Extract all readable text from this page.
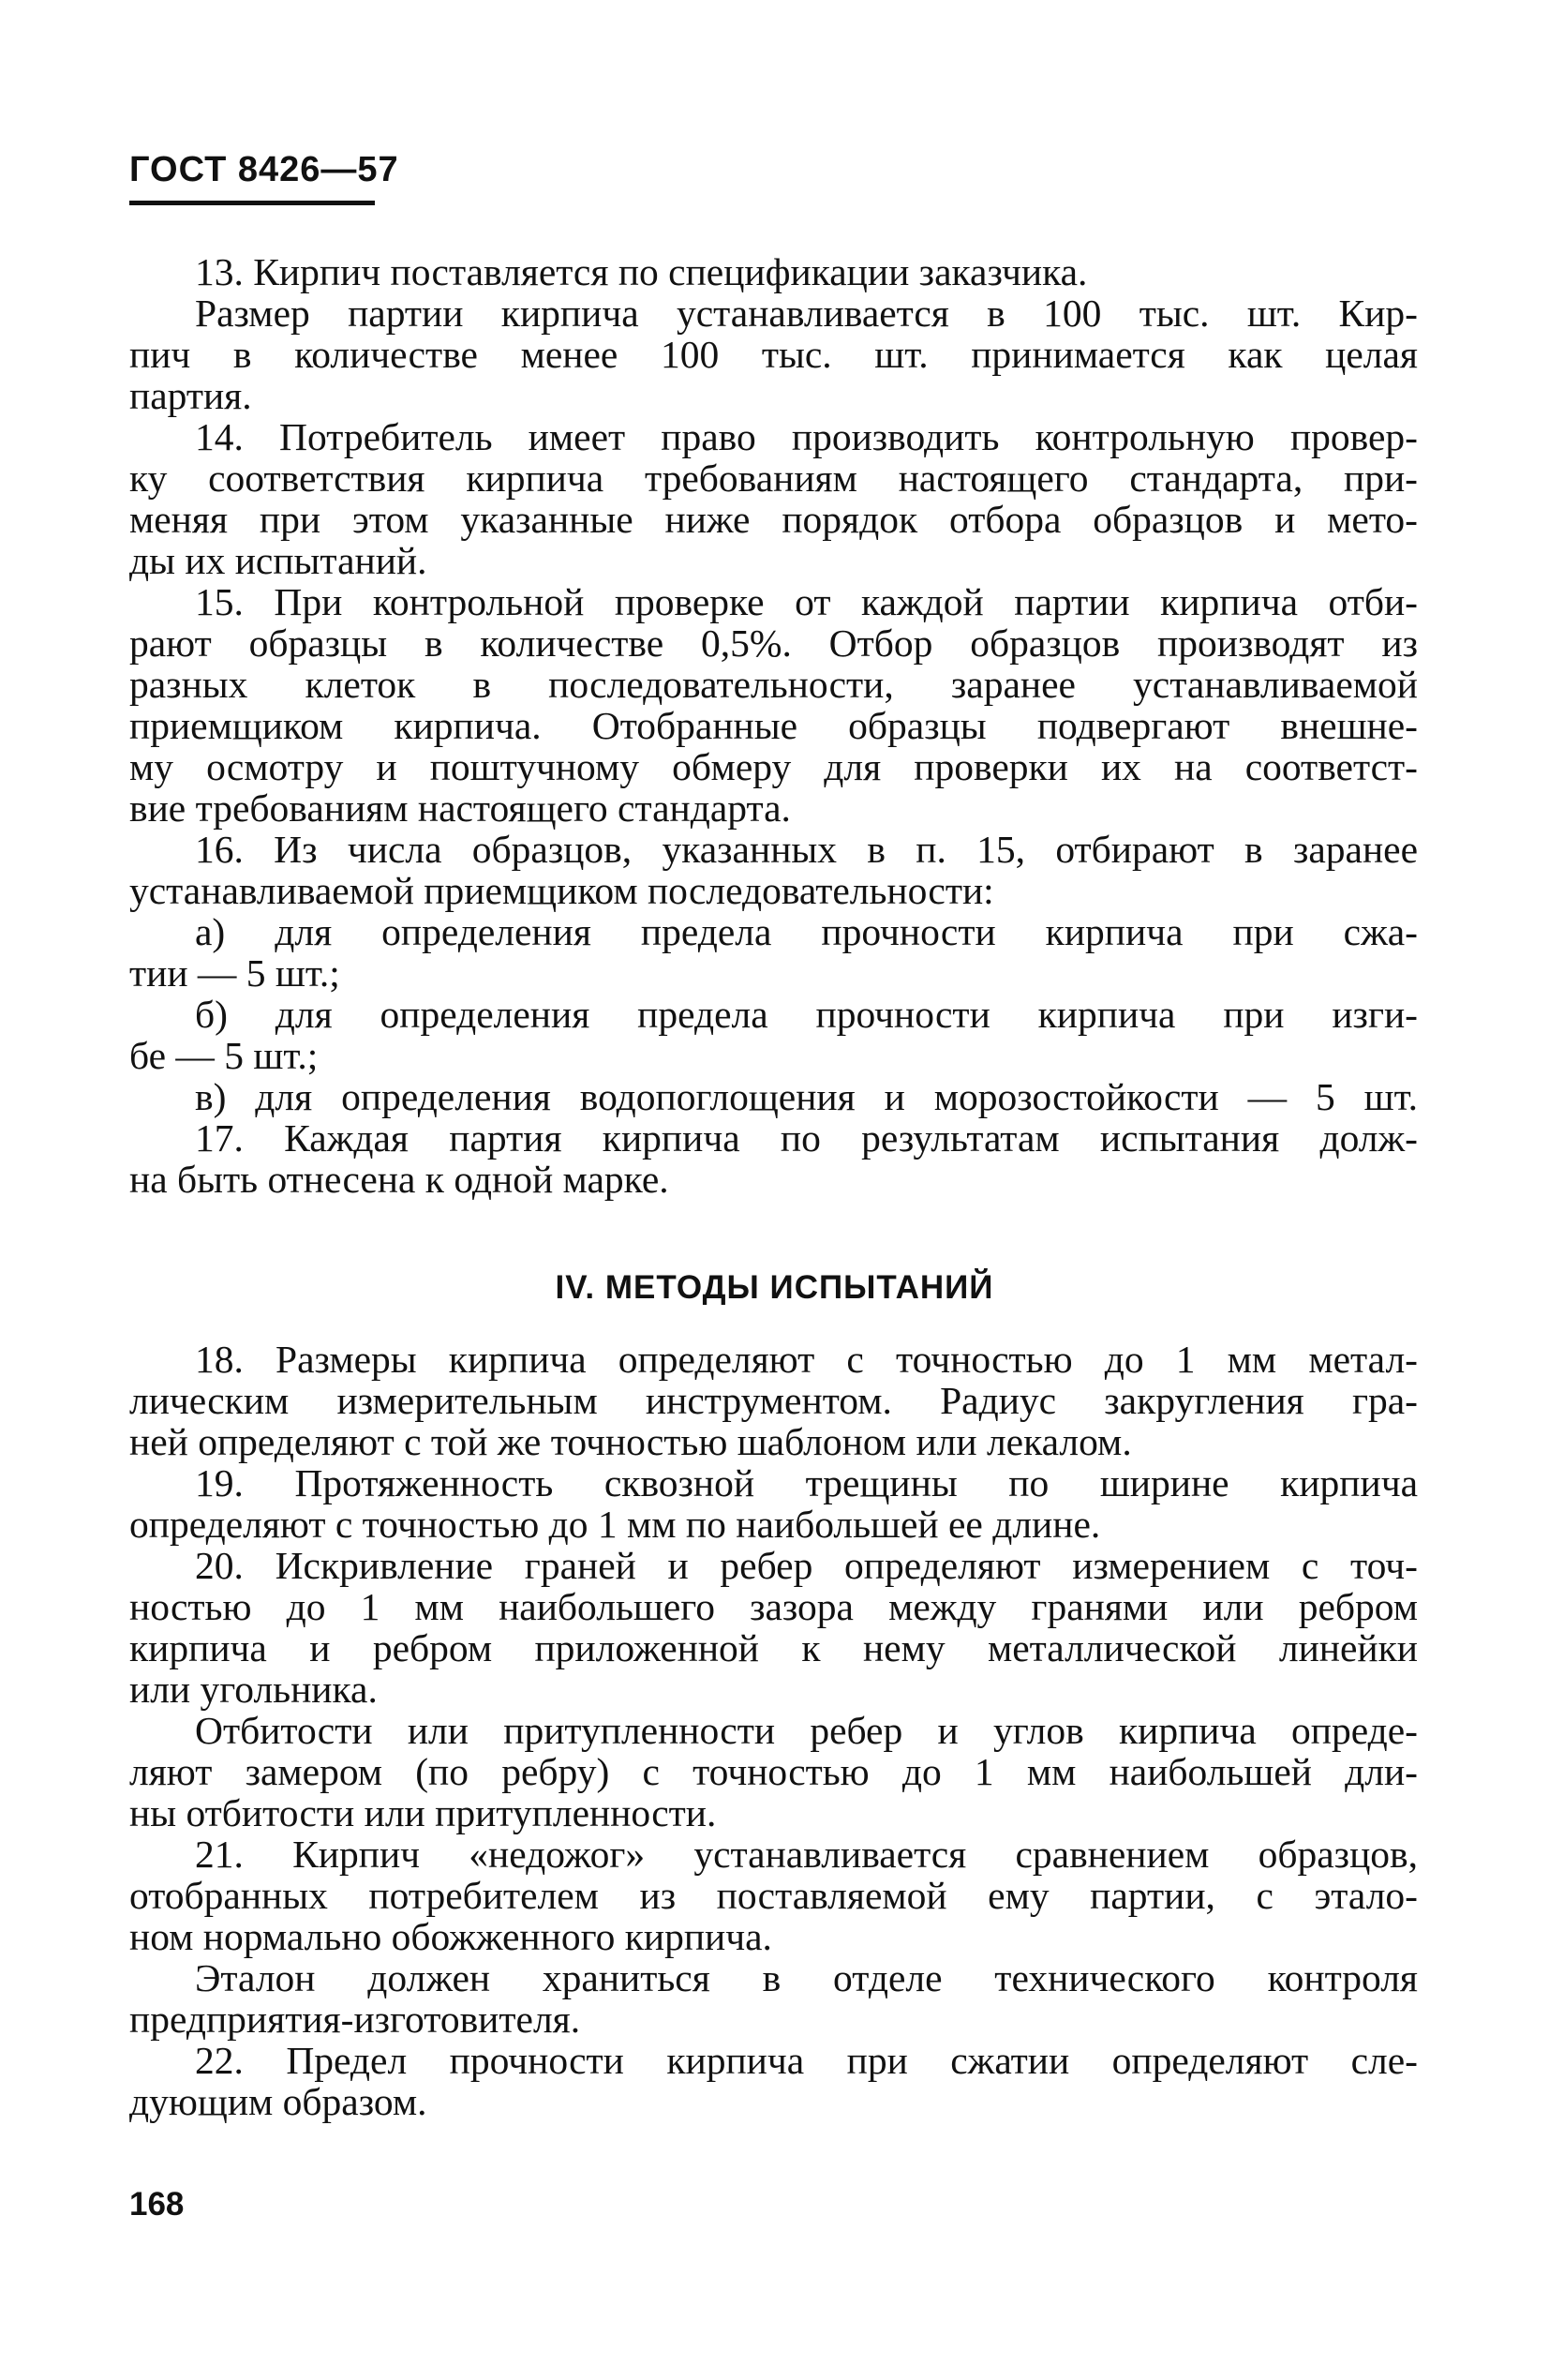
ГОСТ 8426—57
13. Кирпич поставляется по спецификации заказчика.
Размер партии кирпича устанавливается в 100 тыс. шт. Кир-
пич в количестве менее 100 тыс. шт. принимается как целая
партия.
14. Потребитель имеет право производить контрольную провер-
ку соответствия кирпича требованиям настоящего стандарта, при-
меняя при этом указанные ниже порядок отбора образцов и мето-
ды их испытаний.
15. При контрольной проверке от каждой партии кирпича отби-
рают образцы в количестве 0,5%. Отбор образцов производят из
разных клеток в последовательности, заранее устанавливаемой
приемщиком кирпича. Отобранные образцы подвергают внешне-
му осмотру и поштучному обмеру для проверки их на соответст-
вие требованиям настоящего стандарта.
16. Из числа образцов, указанных в п. 15, отбирают в заранее
устанавливаемой приемщиком последовательности:
а) для определения предела прочности кирпича при сжа-
тии — 5 шт.;
б) для определения предела прочности кирпича при изги-
бе — 5 шт.;
в) для определения водопоглощения и морозостойкости — 5 шт.
17. Каждая партия кирпича по результатам испытания долж-
на быть отнесена к одной марке.
IV. МЕТОДЫ ИСПЫТАНИЙ
18. Размеры кирпича определяют с точностью до 1 мм метал-
лическим измерительным инструментом. Радиус закругления гра-
ней определяют с той же точностью шаблоном или лекалом.
19. Протяженность сквозной трещины по ширине кирпича
определяют с точностью до 1 мм по наибольшей ее длине.
20. Искривление граней и ребер определяют измерением с точ-
ностью до 1 мм наибольшего зазора между гранями или ребром
кирпича и ребром приложенной к нему металлической линейки
или угольника.
Отбитости или притупленности ребер и углов кирпича опреде-
ляют замером (по ребру) с точностью до 1 мм наибольшей дли-
ны отбитости или притупленности.
21. Кирпич «недожог» устанавливается сравнением образцов,
отобранных потребителем из поставляемой ему партии, с этало-
ном нормально обожженного кирпича.
Эталон должен храниться в отделе технического контроля
предприятия-изготовителя.
22. Предел прочности кирпича при сжатии определяют сле-
дующим образом.
168
